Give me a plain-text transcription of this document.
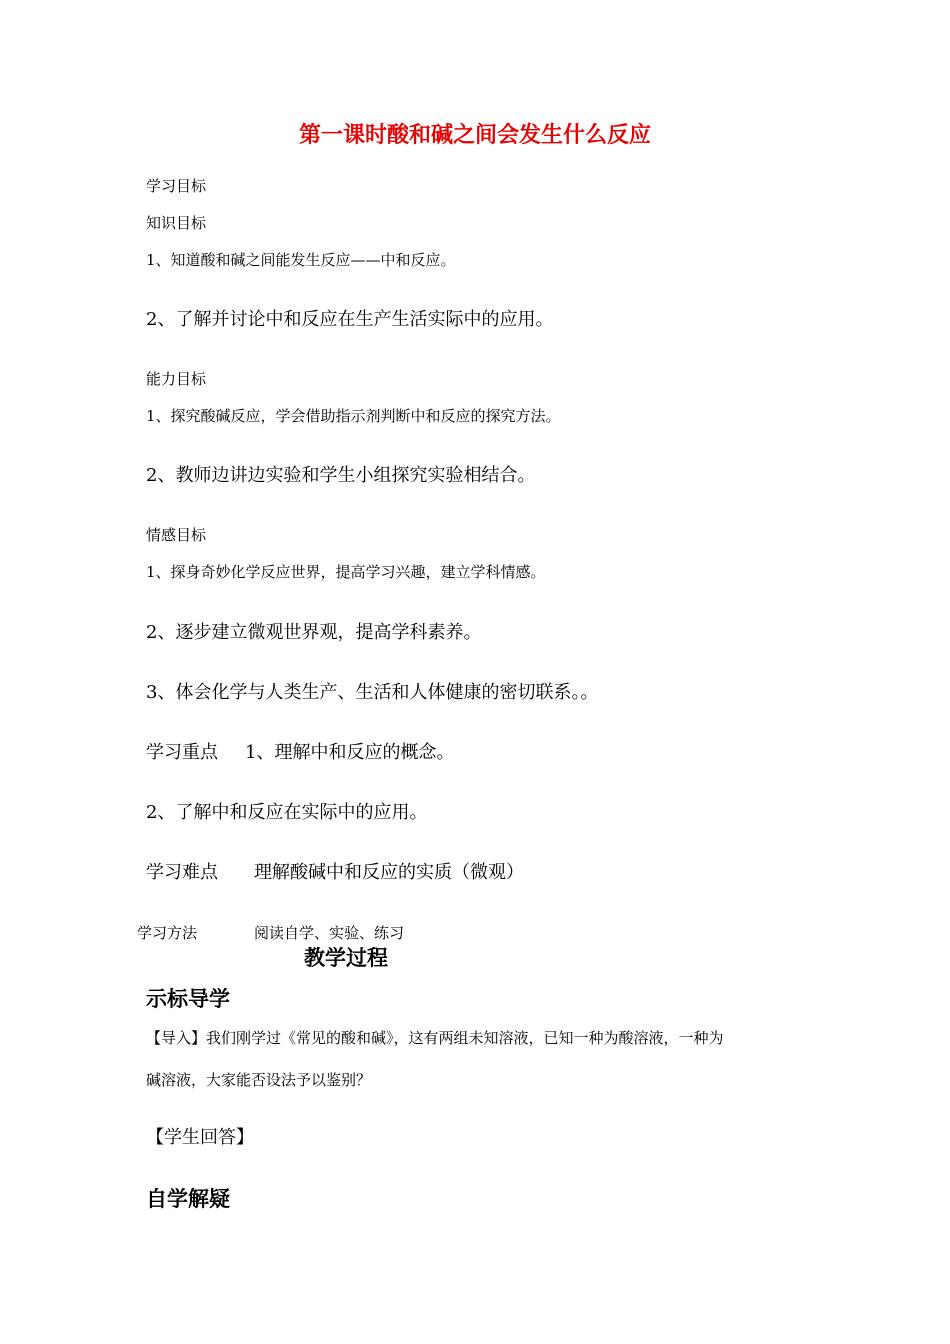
第一课时酸和碱之间会发生什么反应
学习目标
知识目标
1、知道酸和碱之间能发生反应——中和反应。
2、了解并讨论中和反应在生产生活实际中的应用。
能力目标
1、探究酸碱反应，学会借助指示剂判断中和反应的探究方法。
2、教师边讲边实验和学生小组探究实验相结合。
情感目标
1、探身奇妙化学反应世界，提高学习兴趣，建立学科情感。
2、逐步建立微观世界观，提高学科素养。
3、体会化学与人类生产、生活和人体健康的密切联系。。
学习重点 1、理解中和反应的概念。
2、了解中和反应在实际中的应用。
学习难点 理解酸碱中和反应的实质（微观）
学习方法	阅读自学、实验、练习
教学过程
示标导学
【导入】我们刚学过《常见的酸和碱》，这有两组未知溶液，已知一种为酸溶液，一种为
碱溶液，大家能否设法予以鉴别？
【学生回答】
自学解疑
